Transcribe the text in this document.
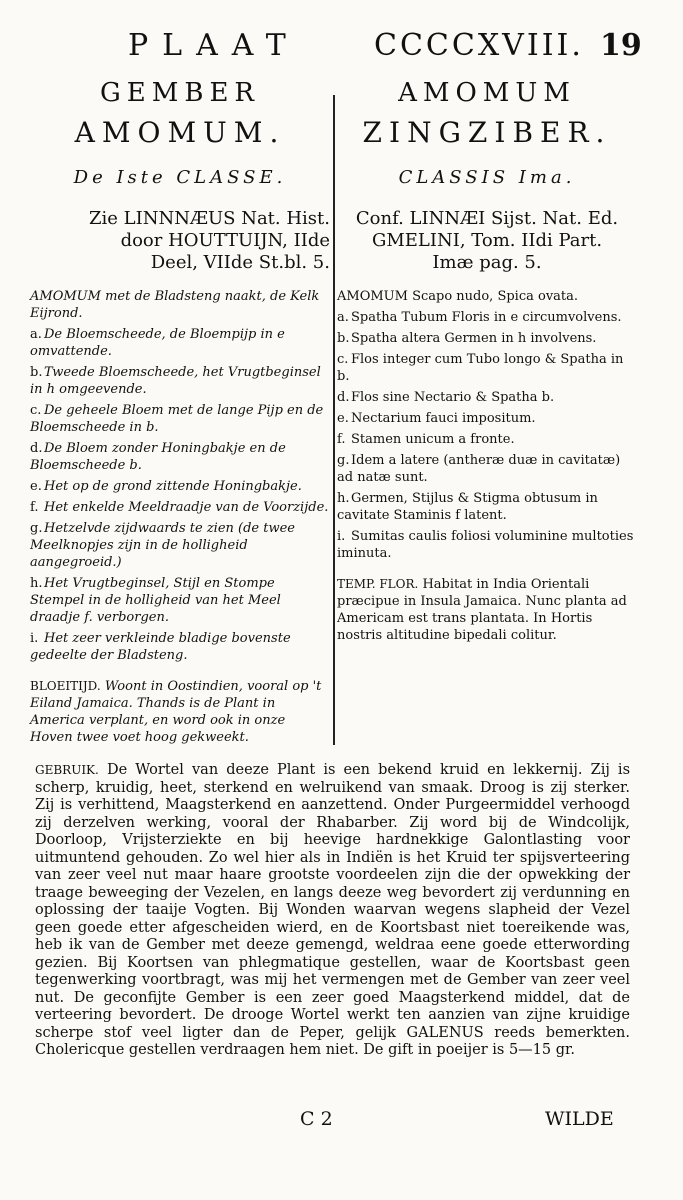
PLAAT CCCCXVIII. 19
GEMBER
AMOMUM.
De Iste CLASSE.
Zie LINNNÆUS Nat. Hist.
door HOUTTUIJN, IIde
Deel, VIIde St.bl. 5.
AMOMUM met de Bladsteng naakt, de Kelk Eijrond.
a. De Bloemscheede, de Bloempijp in e omvattende.
b. Tweede Bloemscheede, het Vrugtbeginsel in h omgeevende.
c. De geheele Bloem met de lange Pijp en de Bloemscheede in b.
d. De Bloem zonder Honingbakje en de Bloemscheede b.
e. Het op de grond zittende Honingbakje.
f. Het enkelde Meeldraadje van de Voorzijde.
g. Hetzelvde zijdwaards te zien (de twee Meelknopjes zijn in de holligheid aangegroeid.)
h.Het Vrugtbeginsel, Stijl en Stompe Stempel in de holligheid van het Meel draadje f. verborgen.
i. Het zeer verkleinde bladige bovenste gedeelte der Bladsteng.
BLOEITIJD. Woont in Oostindien, vooral op 't Eiland Jamaica. Thands is de Plant in America verplant, en word ook in onze Hoven twee voet hoog gekweekt.
AMOMUM
ZINGZIBER.
CLASSIS Ima.
Conf. LINNÆI Sijst. Nat. Ed.
GMELINI, Tom. IIdi Part.
Imæ pag. 5.
AMOMUM Scapo nudo, Spica ovata.
a. Spatha Tubum Floris in e circumvolvens.
b. Spatha altera Germen in h involvens.
c. Flos integer cum Tubo longo & Spatha in b.
d. Flos sine Nectario & Spatha b.
e. Nectarium fauci impositum.
f. Stamen unicum a fronte.
g. Idem a latere (antheræ duæ in cavitatæ) ad natæ sunt.
h.Germen, Stijlus & Stigma obtusum in cavitate Staminis f latent.
i. Sumitas caulis foliosi voluminine multoties iminuta.
TEMP. FLOR. Habitat in India Orientali præcipue in Insula Jamaica. Nunc planta ad Americam est trans plantata. In Hortis nostris altitudine bipedali colitur.

GEBRUIK. De Wortel van deeze Plant is een bekend kruid en lekkernij. Zij is scherp, kruidig, heet, sterkend en welruikend van smaak. Droog is zij sterker. Zij is verhittend, Maagsterkend en aanzettend. Onder Purgeermiddel verhoogd zij derzelven werking, vooral der Rhabarber. Zij word bij de Windcolijk, Doorloop, Vrijsterziekte en bij heevige hardnekkige Galontlasting voor uitmuntend gehouden. Zo wel hier als in Indiën is het Kruid ter spijsverteering van zeer veel nut maar haare grootste voordeelen zijn die der opwekking der traage beweeging der Vezelen, en langs deeze weg bevordert zij verdunning en oplossing der taaije Vogten. Bij Wonden waarvan wegens slapheid der Vezel geen goede etter afgescheiden wierd, en de Koortsbast niet toereikende was, heb ik van de Gember met deeze gemengd, weldraa eene goede etterwording gezien. Bij Koortsen van phlegmatique gestellen, waar de Koortsbast geen tegenwerking voortbragt, was mij het vermengen met de Gember van zeer veel nut. De geconfijte Gember is een zeer goed Maagsterkend middel, dat de verteering bevordert. De drooge Wortel werkt ten aanzien van zijne kruidige scherpe stof veel ligter dan de Peper, gelijk GALENUS reeds bemerkten. Cholericque gestellen verdraagen hem niet. De gift in poeijer is 5—15 gr.

C 2	WILDE
